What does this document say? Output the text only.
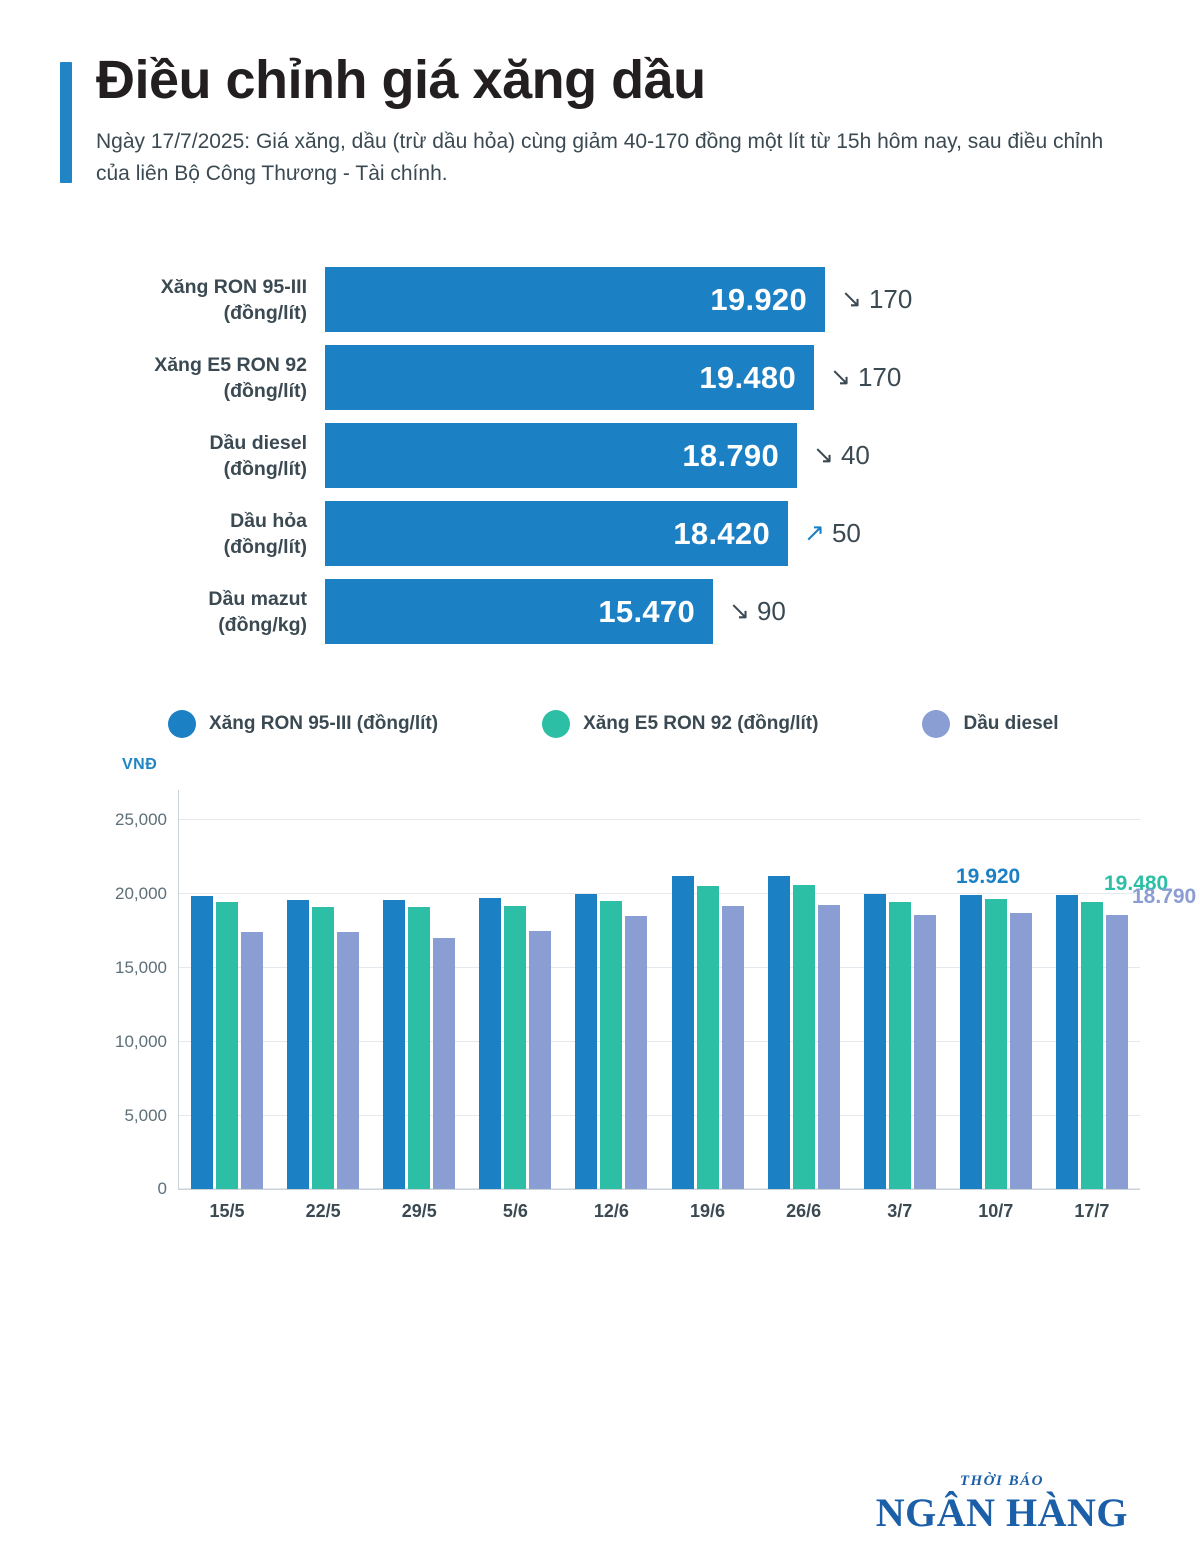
Điều chỉnh giá xăng dầu

Ngày 17/7/2025: Giá xăng, dầu (trừ dầu hỏa) cùng giảm 40-170 đồng một lít từ 15h hôm nay, sau điều chỉnh của liên Bộ Công Thương - Tài chính.

Xăng RON 95-III
(đồng/lít)	19.920 ↘ 170
Xăng E5 RON 92
(đồng/lít)	19.480 ↘ 170
Dầu diesel
(đồng/lít)	18.790 ↘ 40
Dầu hỏa
(đồng/lít)	18.420 ↗ 50
Dầu mazut
(đồng/kg)	15.470 ↘ 90
Xăng RON 95-III (đồng/lít)	Xăng E5 RON 92 (đồng/lít)	Dầu diesel
VNĐ
0
5,000
10,000
15,000
20,000
25,000
15/5	22/5	29/5	5/6	12/6	19/6	26/6	3/7	10/7	17/7
19.920	19.480
18.790
THỜI BÁO
NGÂN HÀNG
